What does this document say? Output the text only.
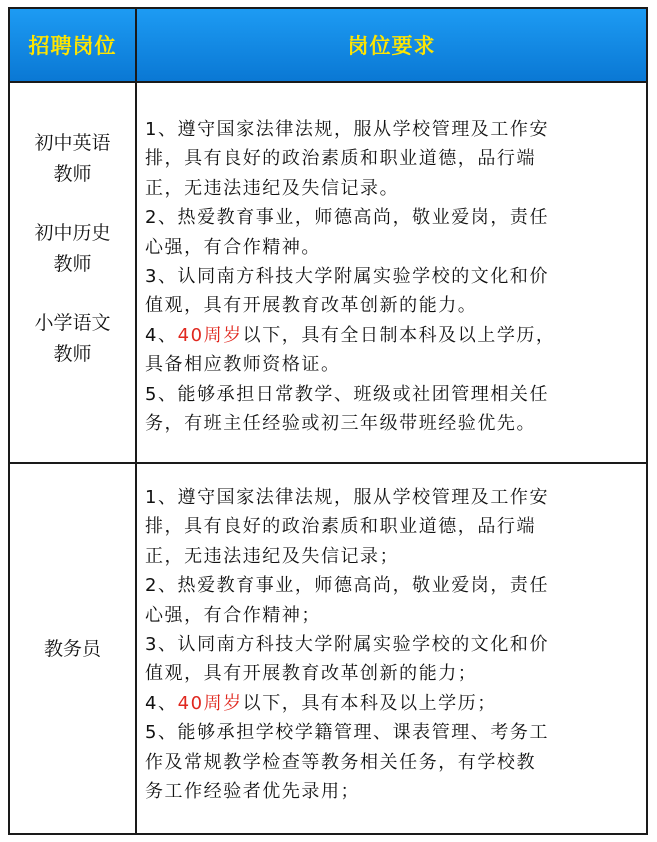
招聘岗位	岗位要求
初中英语
教师
初中历史
教师
小学语文
教师
1、遵守国家法律法规，服从学校管理及工作安
排，具有良好的政治素质和职业道德，品行端
正，无违法违纪及失信记录。
2、热爱教育事业，师德高尚，敬业爱岗，责任
心强，有合作精神。
3、认同南方科技大学附属实验学校的文化和价
值观，具有开展教育改革创新的能力。
4、40周岁以下，具有全日制本科及以上学历，
具备相应教师资格证。
5、能够承担日常教学、班级或社团管理相关任
务，有班主任经验或初三年级带班经验优先。
教务员
1、遵守国家法律法规，服从学校管理及工作安
排，具有良好的政治素质和职业道德，品行端
正，无违法违纪及失信记录；
2、热爱教育事业，师德高尚，敬业爱岗，责任
心强，有合作精神；
3、认同南方科技大学附属实验学校的文化和价
值观，具有开展教育改革创新的能力；
4、40周岁以下，具有本科及以上学历；
5、能够承担学校学籍管理、课表管理、考务工
作及常规教学检查等教务相关任务，有学校教
务工作经验者优先录用；
